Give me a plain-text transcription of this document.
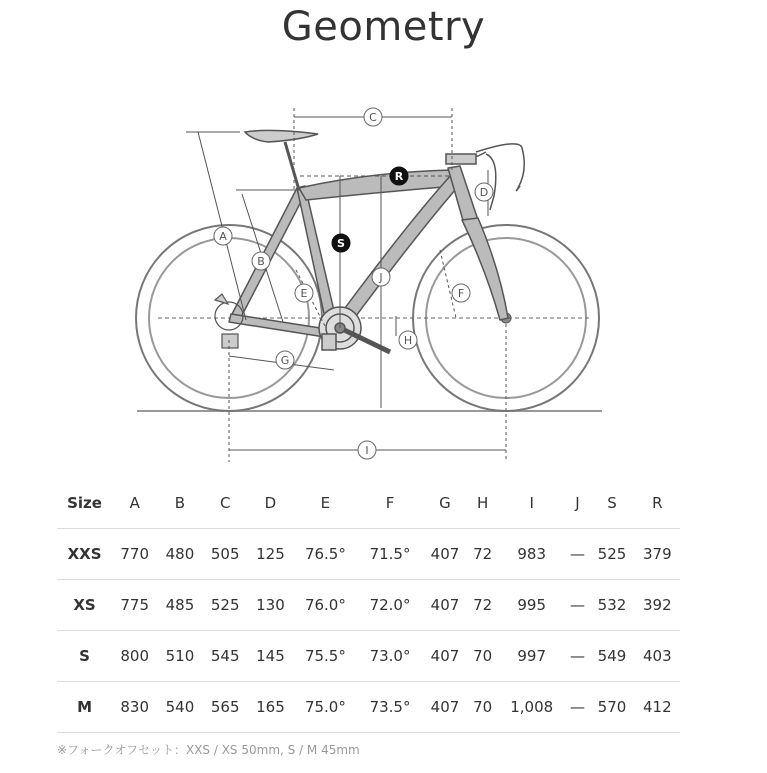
Geometry
A
B
C
D
E	F
G
H
I
J
S
R
Size	A	B	C	D	E	F	G	H	I	J	S	R
XXS	770	480	505	125	76.5°	71.5°	407	72	983	—	525	379
XS	775	485	525	130	76.0°	72.0°	407	72	995	—	532	392
S	800	510	545	145	75.5°	73.0°	407	70	997	—	549	403
M	830	540	565	165	75.0°	73.5°	407	70	1,008	—	570	412
※フォークオフセット：XXS / XS 50mm, S / M 45mm
